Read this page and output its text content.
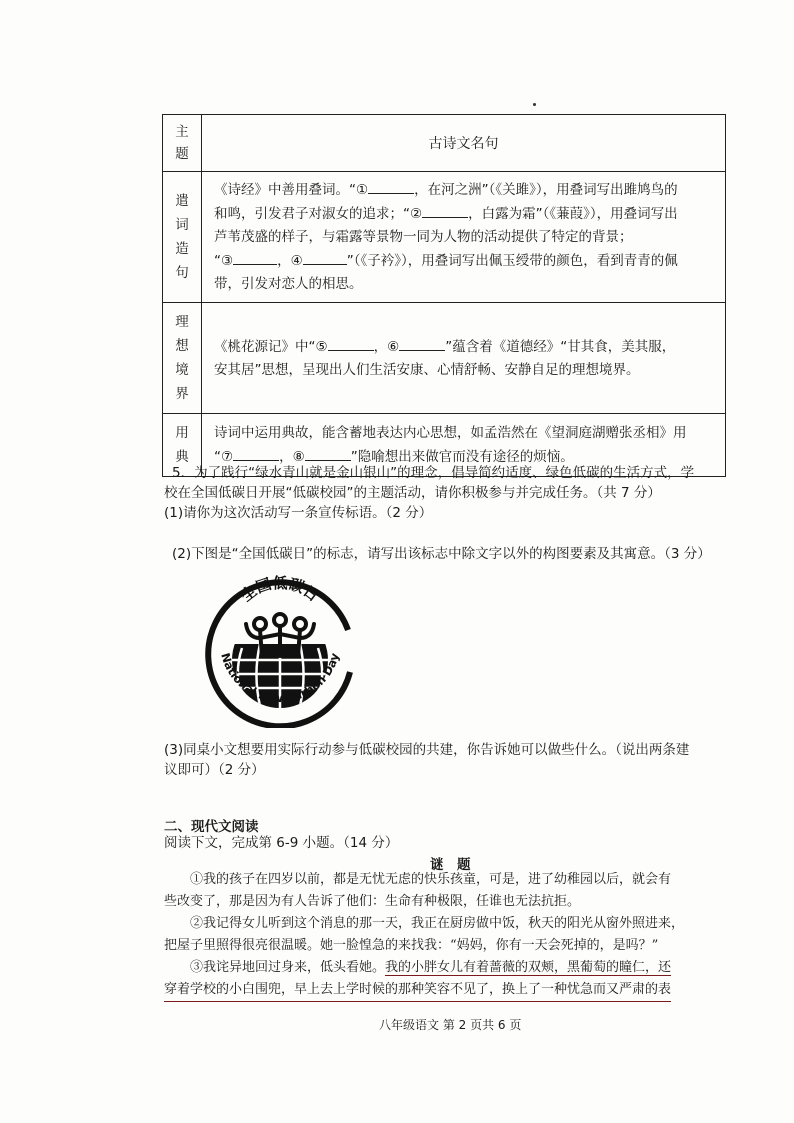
主题	古诗文名句

遣词造句	《诗经》中善用叠词。“① ，在河之洲”（《关雎》），用叠词写出雎鸠鸟的
和鸣，引发君子对淑女的追求；“② ，白露为霜”（《蒹葭》），用叠词写出
芦苇茂盛的样子，与霜露等景物一同为人物的活动提供了特定的背景；
“③ ，④ ”（《子衿》），用叠词写出佩玉绶带的颜色，看到青青的佩
带，引发对恋人的相思。

理想境界	《桃花源记》中“⑤ ，⑥ ”蕴含着《道德经》“甘其食，美其服，
安其居”思想，呈现出人们生活安康、心情舒畅、安静自足的理想境界。

用典	诗词中运用典故，能含蓄地表达内心思想，如孟浩然在《望洞庭湖赠张丞相》用
“⑦ ，⑧ ”隐喻想出来做官而没有途径的烦恼。
5．为了践行“绿水青山就是金山银山”的理念，倡导简约适度、绿色低碳的生活方式，学
校在全国低碳日开展“低碳校园”的主题活动，请你积极参与并完成任务。（共 7 分）
(1)请你为这次活动写一条宣传标语。（2 分）
(2)下图是“全国低碳日”的标志，请写出该标志中除文字以外的构图要素及其寓意。（3 分）
全国低碳日
National Low Carbon Day
(3)同桌小文想要用实际行动参与低碳校园的共建，你告诉她可以做些什么。（说出两条建
议即可）（2 分）
二、现代文阅读
阅读下文，完成第 6-9 小题。（14 分）
谜　题
①我的孩子在四岁以前，都是无忧无虑的快乐孩童，可是，进了幼稚园以后，就会有
些改变了，那是因为有人告诉了他们：生命有种极限，任谁也无法抗拒。
②我记得女儿听到这个消息的那一天，我正在厨房做中饭，秋天的阳光从窗外照进来，
把屋子里照得很亮很温暖。她一脸惶急的来找我：“妈妈，你有一天会死掉的，是吗？”
③我诧异地回过身来，低头看她。我的小胖女儿有着蔷薇的双颊，黑葡萄的瞳仁，还
穿着学校的小白围兜，早上去上学时候的那种笑容不见了，换上了一种忧急而又严肃的表
八年级语文 第 2 页共 6 页
